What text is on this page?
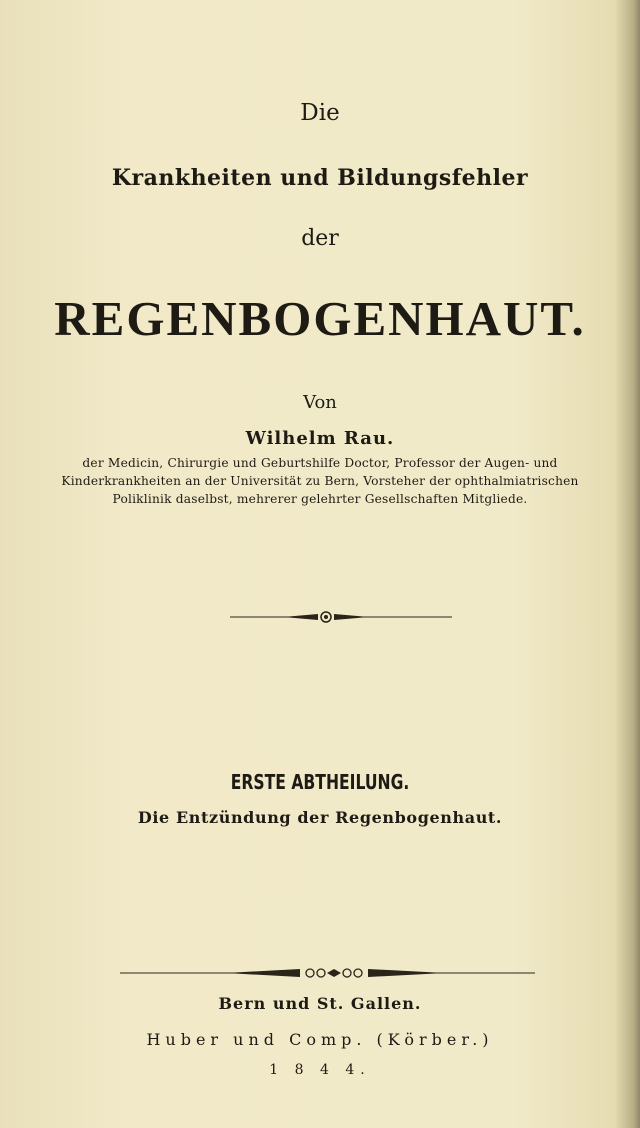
Die
Krankheiten und Bildungsfehler
der
REGENBOGENHAUT.
Von
Wilhelm Rau.
der Medicin, Chirurgie und Geburtshilfe Doctor, Professor der Augen- und
Kinderkrankheiten an der Universität zu Bern, Vorsteher der ophthalmiatrischen
Poliklinik daselbst, mehrerer gelehrter Gesellschaften Mitgliede.
ERSTE ABTHEILUNG.
Die Entzündung der Regenbogenhaut.
Bern und St. Gallen.
Huber und Comp. (Körber.)
1 8 4 4.
